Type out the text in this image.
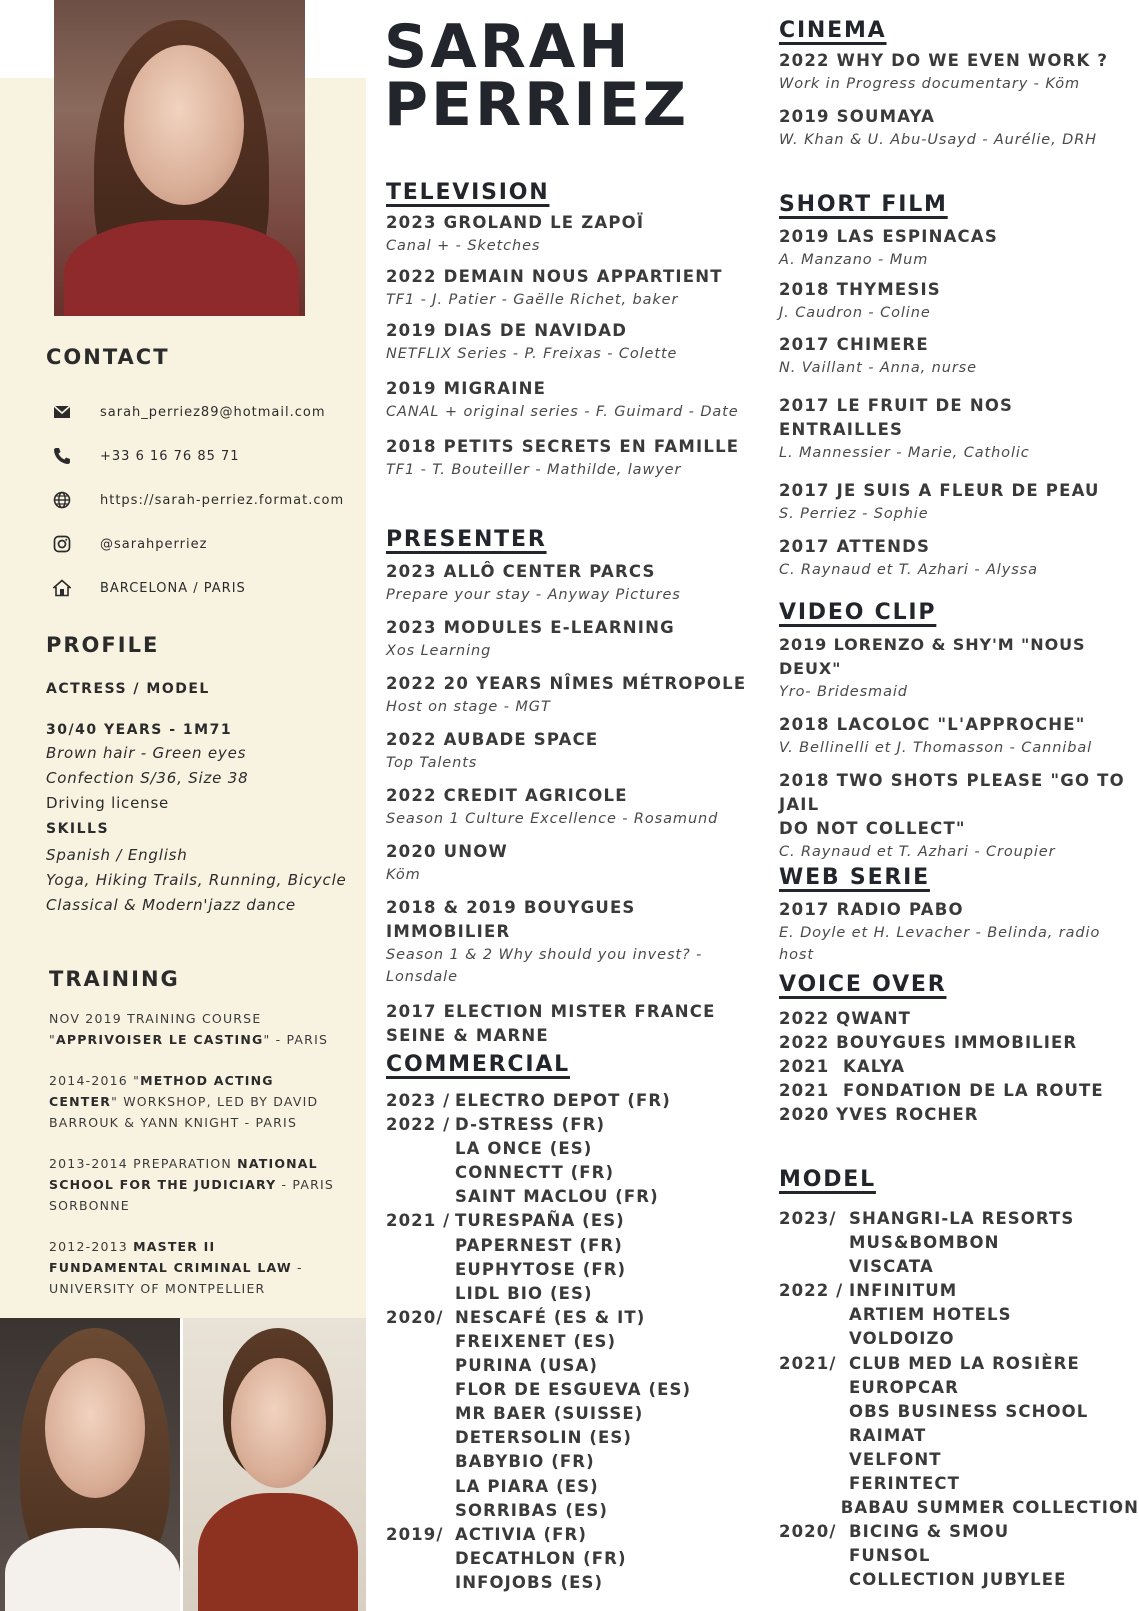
CONTACT
sarah_perriez89@hotmail.com
+33 6 16 76 85 71
https://sarah-perriez.format.com
@sarahperriez
BARCELONA / PARIS
PROFILE
ACTRESS / MODEL
30/40 YEARS - 1M71
Brown hair - Green eyes
Confection S/36, Size 38
Driving license
SKILLS
Spanish / English
Yoga, Hiking Trails, Running, Bicycle
Classical & Modern'jazz dance
TRAINING
NOV 2019 TRAINING COURSE "APPRIVOISER LE CASTING" - PARIS
2014-2016 "METHOD ACTING CENTER" WORKSHOP, LED BY DAVID BARROUK & YANN KNIGHT - PARIS
2013-2014 PREPARATION NATIONAL SCHOOL FOR THE JUDICIARY - PARIS SORBONNE
2012-2013 MASTER II FUNDAMENTAL CRIMINAL LAW - UNIVERSITY OF MONTPELLIER
SARAH
PERRIEZ
TELEVISION
2023 GROLAND LE ZAPOÏ
Canal + - Sketches
2022 DEMAIN NOUS APPARTIENT
TF1 - J. Patier - Gaëlle Richet, baker
2019 DIAS DE NAVIDAD
NETFLIX Series - P. Freixas - Colette
2019 MIGRAINE
CANAL + original series - F. Guimard - Date
2018 PETITS SECRETS EN FAMILLE
TF1 - T. Bouteiller - Mathilde, lawyer
PRESENTER
2023 ALLÔ CENTER PARCS
Prepare your stay - Anyway Pictures
2023 MODULES E-LEARNING
Xos Learning
2022 20 YEARS NÎMES MÉTROPOLE
Host on stage - MGT
2022 AUBADE SPACE
Top Talents
2022 CREDIT AGRICOLE
Season 1 Culture Excellence - Rosamund
2020 UNOW
Köm
2018 & 2019 BOUYGUES IMMOBILIER
Season 1 & 2 Why should you invest? - Lonsdale
2017 ELECTION MISTER FRANCE
SEINE & MARNE
COMMERCIAL
2023 /
ELECTRO DEPOT (FR)
2022 /
D-STRESS (FR)
LA ONCE (ES)
CONNECTT (FR)
SAINT MACLOU (FR)
2021 /
TURESPAÑA (ES)
PAPERNEST (FR)
EUPHYTOSE (FR)
LIDL BIO (ES)
2020/
NESCAFÉ (ES & IT)
FREIXENET (ES)
PURINA (USA)
FLOR DE ESGUEVA (ES)
MR BAER (SUISSE)
DETERSOLIN (ES)
BABYBIO (FR)
LA PIARA (ES)
SORRIBAS (ES)
2019/
ACTIVIA (FR)
DECATHLON (FR)
INFOJOBS (ES)
CINEMA
2022 WHY DO WE EVEN WORK ?
Work in Progress documentary - Köm
2019 SOUMAYA
W. Khan & U. Abu-Usayd - Aurélie, DRH
SHORT FILM
2019 LAS ESPINACAS
A. Manzano - Mum
2018 THYMESIS
J. Caudron - Coline
2017 CHIMERE
N. Vaillant - Anna, nurse
2017 LE FRUIT DE NOS ENTRAILLES
L. Mannessier - Marie, Catholic
2017 JE SUIS A FLEUR DE PEAU
S. Perriez - Sophie
2017 ATTENDS
C. Raynaud et T. Azhari - Alyssa
VIDEO CLIP
2019 LORENZO & SHY'M "NOUS DEUX"
Yro- Bridesmaid
2018 LACOLOC "L'APPROCHE"
V. Bellinelli et J. Thomasson - Cannibal
2018 TWO SHOTS PLEASE "GO TO JAIL
DO NOT COLLECT"
C. Raynaud et T. Azhari - Croupier
WEB SERIE
2017 RADIO PABO
E. Doyle et H. Levacher - Belinda, radio host
VOICE OVER
2022 QWANT
2022 BOUYGUES IMMOBILIER
2021  KALYA
2021  FONDATION DE LA ROUTE
2020 YVES ROCHER
MODEL
2023/ SHANGRI-LA RESORTS
MUS&BOMBON
VISCATA
2022 /
INFINITUM
ARTIEM HOTELS
VOLDOIZO
2021/
CLUB MED LA ROSIÈRE
EUROPCAR
OBS BUSINESS SCHOOL
RAIMAT
VELFONT
FERINTECT
BABAU SUMMER COLLECTION
2020/
BICING & SMOU
FUNSOL
COLLECTION JUBYLEE
